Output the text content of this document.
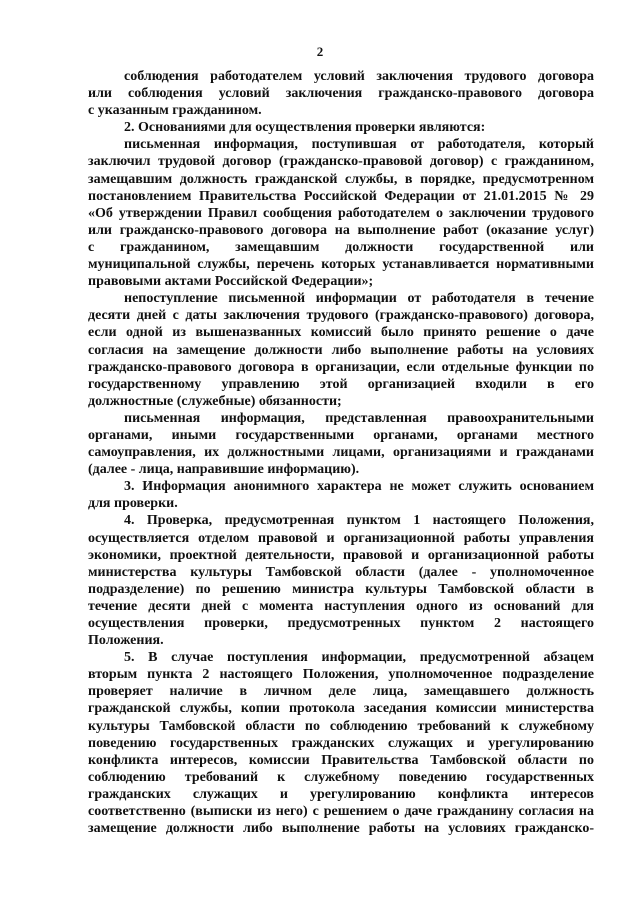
2
соблюдения работодателем условий заключения трудового договора
или соблюдения условий заключения гражданско-правового договора
с указанным гражданином.
2. Основаниями для осуществления проверки являются:
письменная информация, поступившая от работодателя, который
заключил трудовой договор (гражданско-правовой договор) с гражданином,
замещавшим должность гражданской службы, в порядке, предусмотренном
постановлением Правительства Российской Федерации от 21.01.2015 № 29
«Об утверждении Правил сообщения работодателем о заключении трудового
или гражданско-правового договора на выполнение работ (оказание услуг)
с гражданином, замещавшим должности государственной или
муниципальной службы, перечень которых устанавливается нормативными
правовыми актами Российской Федерации»;
непоступление письменной информации от работодателя в течение
десяти дней с даты заключения трудового (гражданско-правового) договора,
если одной из вышеназванных комиссий было принято решение о даче
согласия на замещение должности либо выполнение работы на условиях
гражданско-правового договора в организации, если отдельные функции по
государственному управлению этой организацией входили в его
должностные (служебные) обязанности;
письменная информация, представленная правоохранительными
органами, иными государственными органами, органами местного
самоуправления, их должностными лицами, организациями и гражданами
(далее - лица, направившие информацию).
3. Информация анонимного характера не может служить основанием
для проверки.
4. Проверка, предусмотренная пунктом 1 настоящего Положения,
осуществляется отделом правовой и организационной работы управления
экономики, проектной деятельности, правовой и организационной работы
министерства культуры Тамбовской области (далее - уполномоченное
подразделение) по решению министра культуры Тамбовской области в
течение десяти дней с момента наступления одного из оснований для
осуществления проверки, предусмотренных пунктом 2 настоящего
Положения.
5. В случае поступления информации, предусмотренной абзацем
вторым пункта 2 настоящего Положения, уполномоченное подразделение
проверяет наличие в личном деле лица, замещавшего должность
гражданской службы, копии протокола заседания комиссии министерства
культуры Тамбовской области по соблюдению требований к служебному
поведению государственных гражданских служащих и урегулированию
конфликта интересов, комиссии Правительства Тамбовской области по
соблюдению требований к служебному поведению государственных
гражданских служащих и урегулированию конфликта интересов
соответственно (выписки из него) с решением о даче гражданину согласия на
замещение должности либо выполнение работы на условиях гражданско-
